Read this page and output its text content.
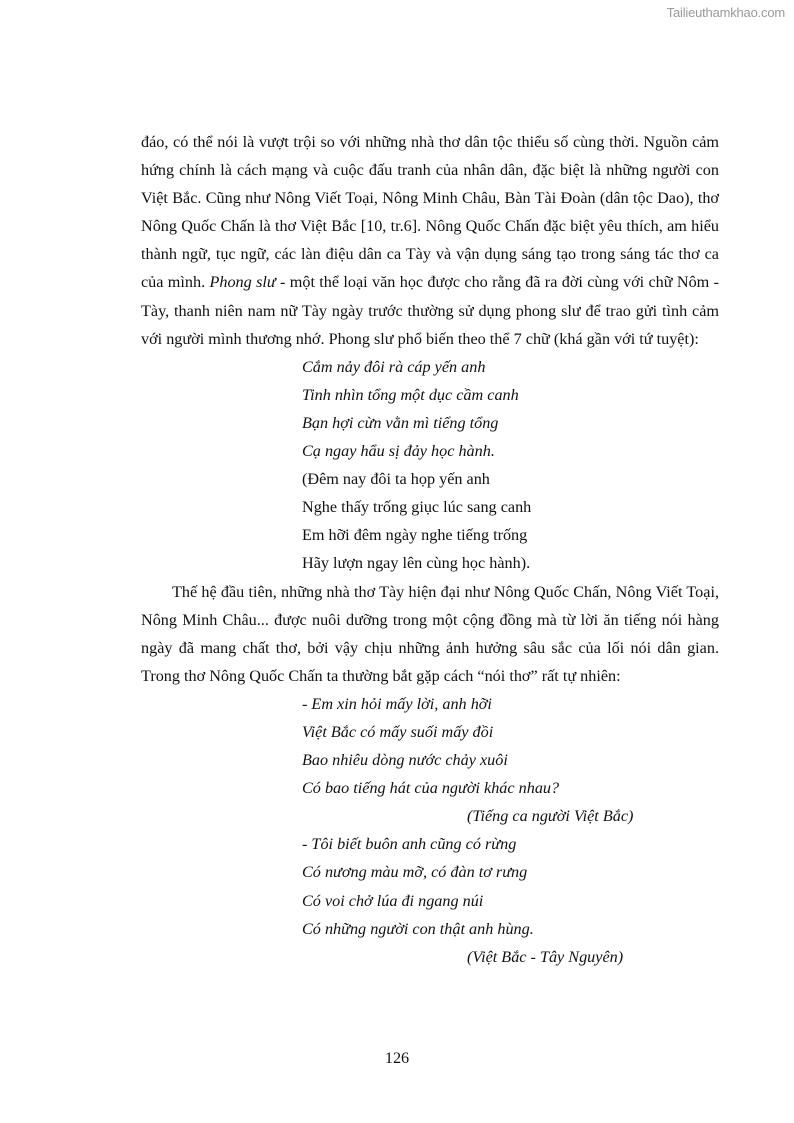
Tailieuthamkhao.com

đáo, có thể nói là vượt trội so với những nhà thơ dân tộc thiểu số cùng thời. Nguồn cảm hứng chính là cách mạng và cuộc đấu tranh của nhân dân, đặc biệt là những người con Việt Bắc. Cũng như Nông Viết Toại, Nông Minh Châu, Bàn Tài Đoàn (dân tộc Dao), thơ Nông Quốc Chấn là thơ Việt Bắc [10, tr.6]. Nông Quốc Chấn đặc biệt yêu thích, am hiểu thành ngữ, tục ngữ, các làn điệu dân ca Tày và vận dụng sáng tạo trong sáng tác thơ ca của mình. Phong slư - một thể loại văn học được cho rằng đã ra đời cùng với chữ Nôm - Tày, thanh niên nam nữ Tày ngày trước thường sử dụng phong slư để trao gửi tình cảm với người mình thương nhớ. Phong slư phổ biến theo thể 7 chữ (khá gần với tứ tuyệt):

Cắm nảy đôi rà cáp yến anh
Tinh nhìn tổng một dục cầm canh
Bạn hợi cừn vằn mì tiểng tổng
Cạ ngay hẩu sị đảy học hành.
(Đêm nay đôi ta họp yến anh
Nghe thấy trống giục lúc sang canh
Em hỡi đêm ngày nghe tiếng trống
Hãy lượn ngay lên cùng học hành).

Thế hệ đầu tiên, những nhà thơ Tày hiện đại như Nông Quốc Chấn, Nông Viết Toại, Nông Minh Châu... được nuôi dưỡng trong một cộng đồng mà từ lời ăn tiếng nói hàng ngày đã mang chất thơ, bởi vậy chịu những ảnh hưởng sâu sắc của lối nói dân gian. Trong thơ Nông Quốc Chấn ta thường bắt gặp cách “nói thơ” rất tự nhiên:

- Em xin hỏi mấy lời, anh hỡi
Việt Bắc có mấy suối mấy đồi
Bao nhiêu dòng nước chảy xuôi
Có bao tiếng hát của người khác nhau?
(Tiếng ca người Việt Bắc)
- Tôi biết buôn anh cũng có rừng
Có nương màu mỡ, có đàn tơ rưng
Có voi chở lúa đi ngang núi
Có những người con thật anh hùng.
(Việt Bắc - Tây Nguyên)
126
